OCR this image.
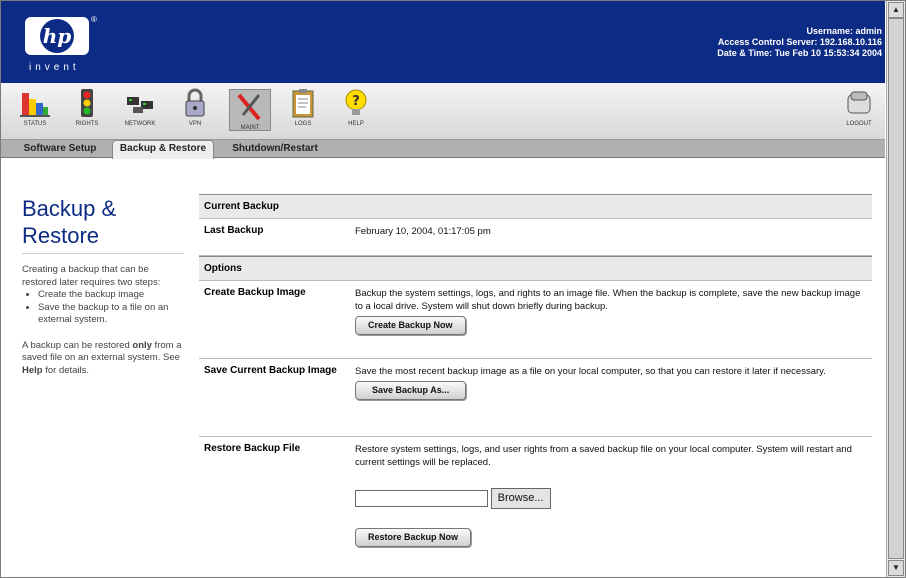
hp
®
invent
Username: admin
Access Control Server: 192.168.10.116
Date & Time: Tue Feb 10 15:53:34 2004
STATUS	RIGHTS	NETWORK	VPN
MAINT
LOGS
?
HELP	LOGOUT
Software Setup	Backup & Restore	Shutdown/Restart
Backup & Restore

Creating a backup that can be restored later requires two steps:

• Create the backup image
• Save the backup to a file on an external system.

A backup can be restored only from a saved file on an external system. See Help for details.

Current Backup
Last Backup	February 10, 2004, 01:17:05 pm
Options
Create Backup Image	Backup the system settings, logs, and rights to an image file. When the backup is complete, save the new backup image to a local drive. System will shut down briefly during backup.
Create Backup Now
Save Current Backup Image	Save the most recent backup image as a file on your local computer, so that you can restore it later if necessary.
Save Backup As...
Restore Backup File	Restore system settings, logs, and user rights from a saved backup file on your local computer. System will restart and current settings will be replaced.
Browse...
Restore Backup Now
▲
▼
